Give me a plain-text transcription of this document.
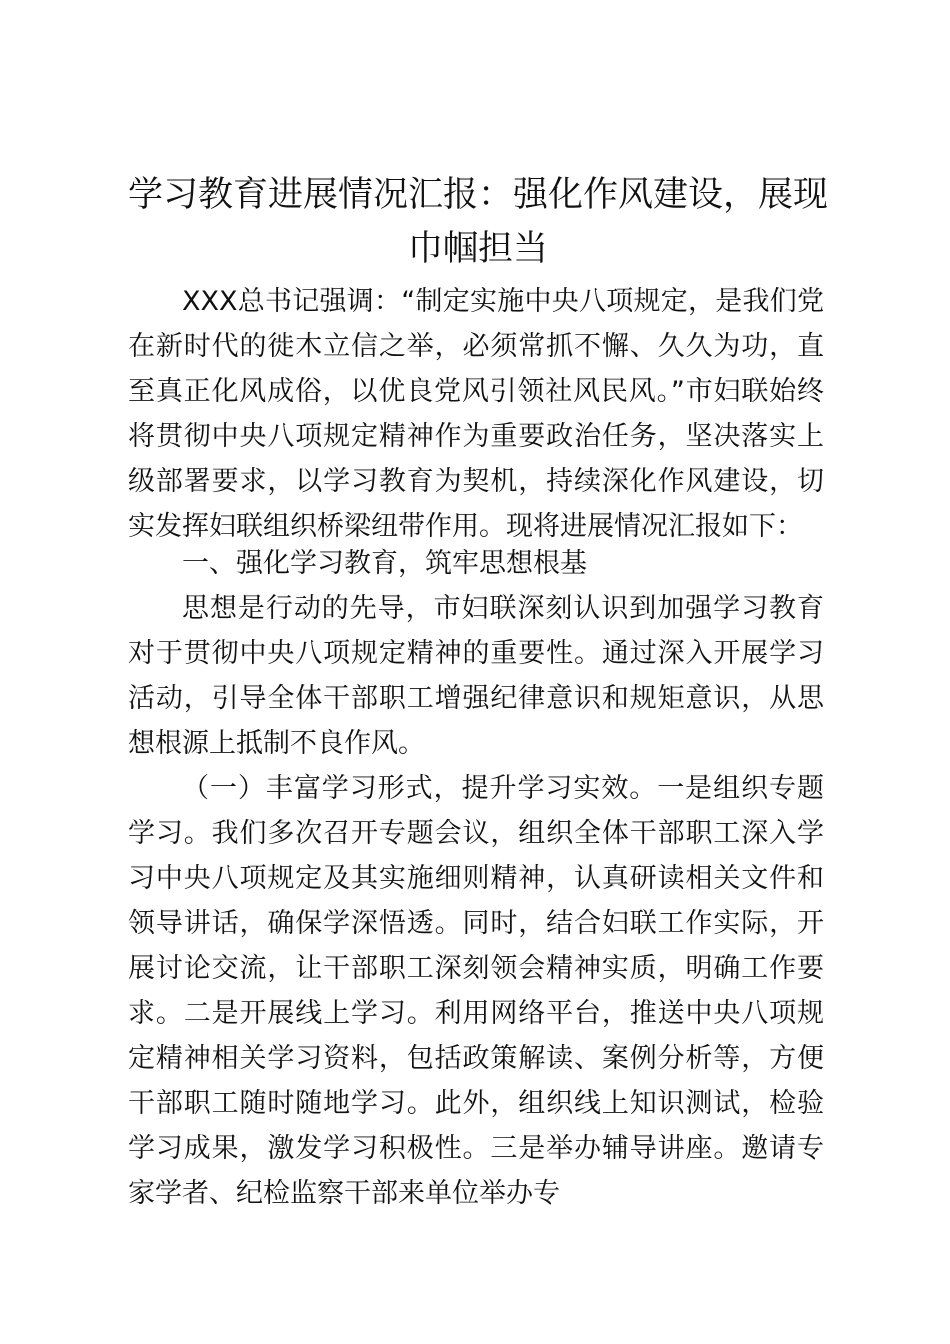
学习教育进展情况汇报：强化作风建设，展现巾帼担当

XXX总书记强调：“制定实施中央八项规定，是我们党在新时代的徙木立信之举，必须常抓不懈、久久为功，直至真正化风成俗，以优良党风引领社风民风。”市妇联始终将贯彻中央八项规定精神作为重要政治任务，坚决落实上级部署要求，以学习教育为契机，持续深化作风建设，切实发挥妇联组织桥梁纽带作用。现将进展情况汇报如下：

一、强化学习教育，筑牢思想根基

思想是行动的先导，市妇联深刻认识到加强学习教育对于贯彻中央八项规定精神的重要性。通过深入开展学习活动，引导全体干部职工增强纪律意识和规矩意识，从思想根源上抵制不良作风。

（一）丰富学习形式，提升学习实效。一是组织专题学习。我们多次召开专题会议，组织全体干部职工深入学习中央八项规定及其实施细则精神，认真研读相关文件和领导讲话，确保学深悟透。同时，结合妇联工作实际，开展讨论交流，让干部职工深刻领会精神实质，明确工作要求。二是开展线上学习。利用网络平台，推送中央八项规定精神相关学习资料，包括政策解读、案例分析等，方便干部职工随时随地学习。此外，组织线上知识测试，检验学习成果，激发学习积极性。三是举办辅导讲座。邀请专家学者、纪检监察干部来单位举办专
